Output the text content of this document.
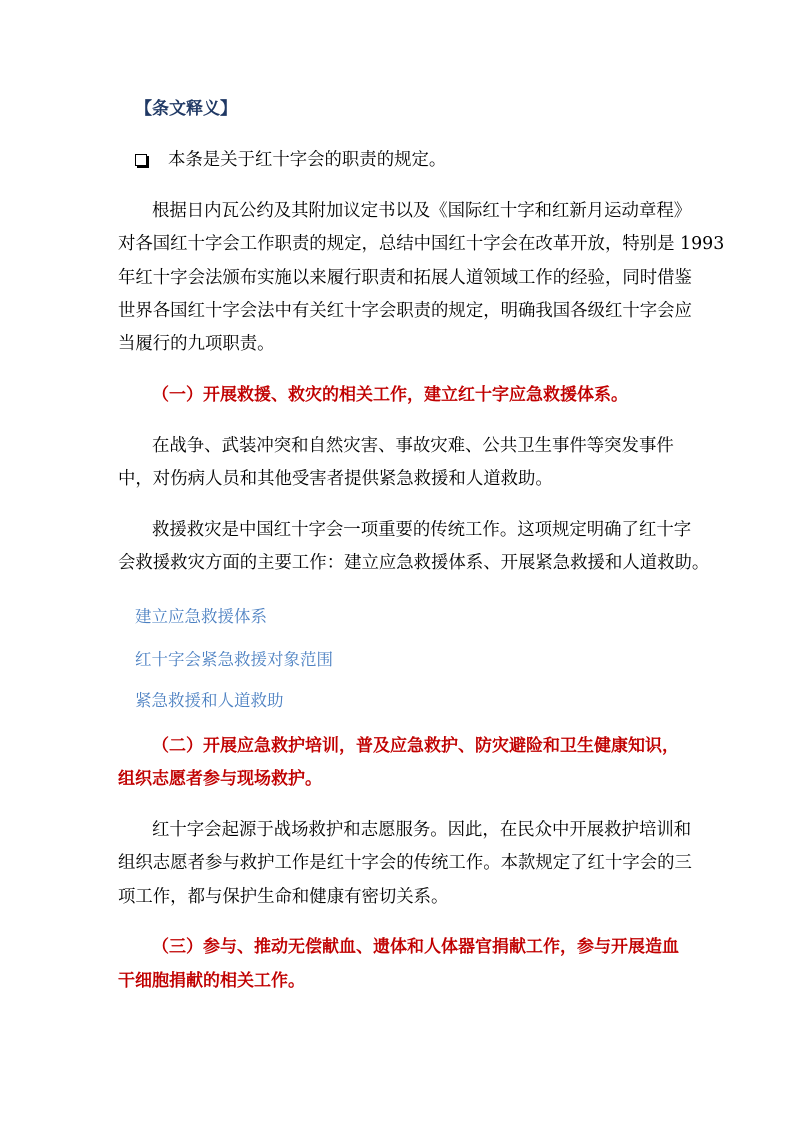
【条文释义】
本条是关于红十字会的职责的规定。
根据日内瓦公约及其附加议定书以及《国际红十字和红新月运动章程》
对各国红十字会工作职责的规定，总结中国红十字会在改革开放，特别是 1993
年红十字会法颁布实施以来履行职责和拓展人道领域工作的经验，同时借鉴
世界各国红十字会法中有关红十字会职责的规定，明确我国各级红十字会应
当履行的九项职责。
（一）开展救援、救灾的相关工作，建立红十字应急救援体系。
在战争、武装冲突和自然灾害、事故灾难、公共卫生事件等突发事件
中，对伤病人员和其他受害者提供紧急救援和人道救助。
救援救灾是中国红十字会一项重要的传统工作。这项规定明确了红十字
会救援救灾方面的主要工作：建立应急救援体系、开展紧急救援和人道救助。
建立应急救援体系
红十字会紧急救援对象范围
紧急救援和人道救助
（二）开展应急救护培训，普及应急救护、防灾避险和卫生健康知识，
组织志愿者参与现场救护。
红十字会起源于战场救护和志愿服务。因此，在民众中开展救护培训和
组织志愿者参与救护工作是红十字会的传统工作。本款规定了红十字会的三
项工作，都与保护生命和健康有密切关系。
（三）参与、推动无偿献血、遗体和人体器官捐献工作，参与开展造血
干细胞捐献的相关工作。
